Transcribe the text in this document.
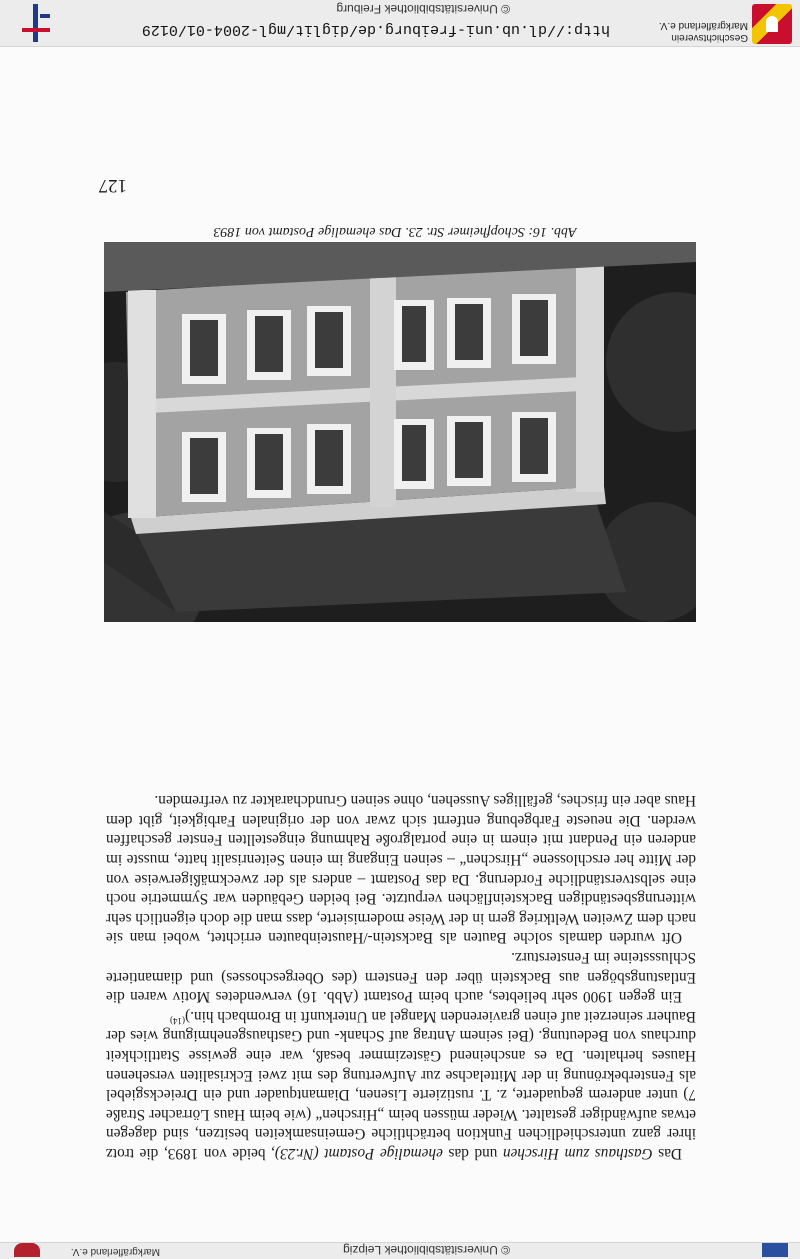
© Universitätsbibliothek Leipzig
Markgräflerland e.V.

Das Gasthaus zum Hirschen und das ehemalige Postamt (Nr.23), beide von 1893, die trotz ihrer ganz unterschiedlichen Funktion beträchtliche Gemeinsamkeiten besitzen, sind dagegen etwas aufwändiger gestaltet. Wieder müssen beim „Hirschen“ (wie beim Haus Lörracher Straße 7) unter anderem gequaderte, z. T. rustizierte Lisenen, Diamantquader und ein Dreiecksgiebel als Fensterbekrönung in der Mittelachse zur Aufwertung des mit zwei Eckrisaliten versehenen Hauses herhalten. Da es anscheinend Gästezimmer besaß, war eine gewisse Stattlichkeit durchaus von Bedeutung. (Bei seinem Antrag auf Schank- und Gasthausgenehmigung wies der Bauherr seinerzeit auf einen gravierenden Mangel an Unterkunft in Brombach hin.)$^{(14)}$

Ein gegen 1900 sehr beliebtes, auch beim Postamt (Abb. 16) verwendetes Motiv waren die Entlastungsbögen aus Backstein über den Fenstern (des Obergeschosses) und diamantierte Schlusssteine im Fenstersturz.

Oft wurden damals solche Bauten als Backstein-/Hausteinbauten errichtet, wobei man sie nach dem Zweiten Weltkrieg gern in der Weise modernisierte, dass man die doch eigentlich sehr witterungsbeständigen Backsteinflächen verputzte. Bei beiden Gebäuden war Symmetrie noch eine selbstverständliche Forderung. Da das Postamt – anders als der zweckmäßigerweise von der Mitte her erschlossene „Hirschen“ – seinen Eingang im einen Seitenrisalit hatte, musste im anderen ein Pendant mit einem in eine portalgroße Rahmung eingestellten Fenster geschaffen werden. Die neueste Farbgebung entfernt sich zwar von der originalen Farbigkeit, gibt dem Haus aber ein frisches, gefälliges Aussehen, ohne seinen Grundcharakter zu verfremden.

Abb. 16: Schopfheimer Str. 23. Das ehemalige Postamt von 1893
127
Geschichtsverein
Markgräflerland e.V.
http://dl.ub.uni-freiburg.de/diglit/mgl-2004-01/0129
© Universitätsbibliothek Freiburg
